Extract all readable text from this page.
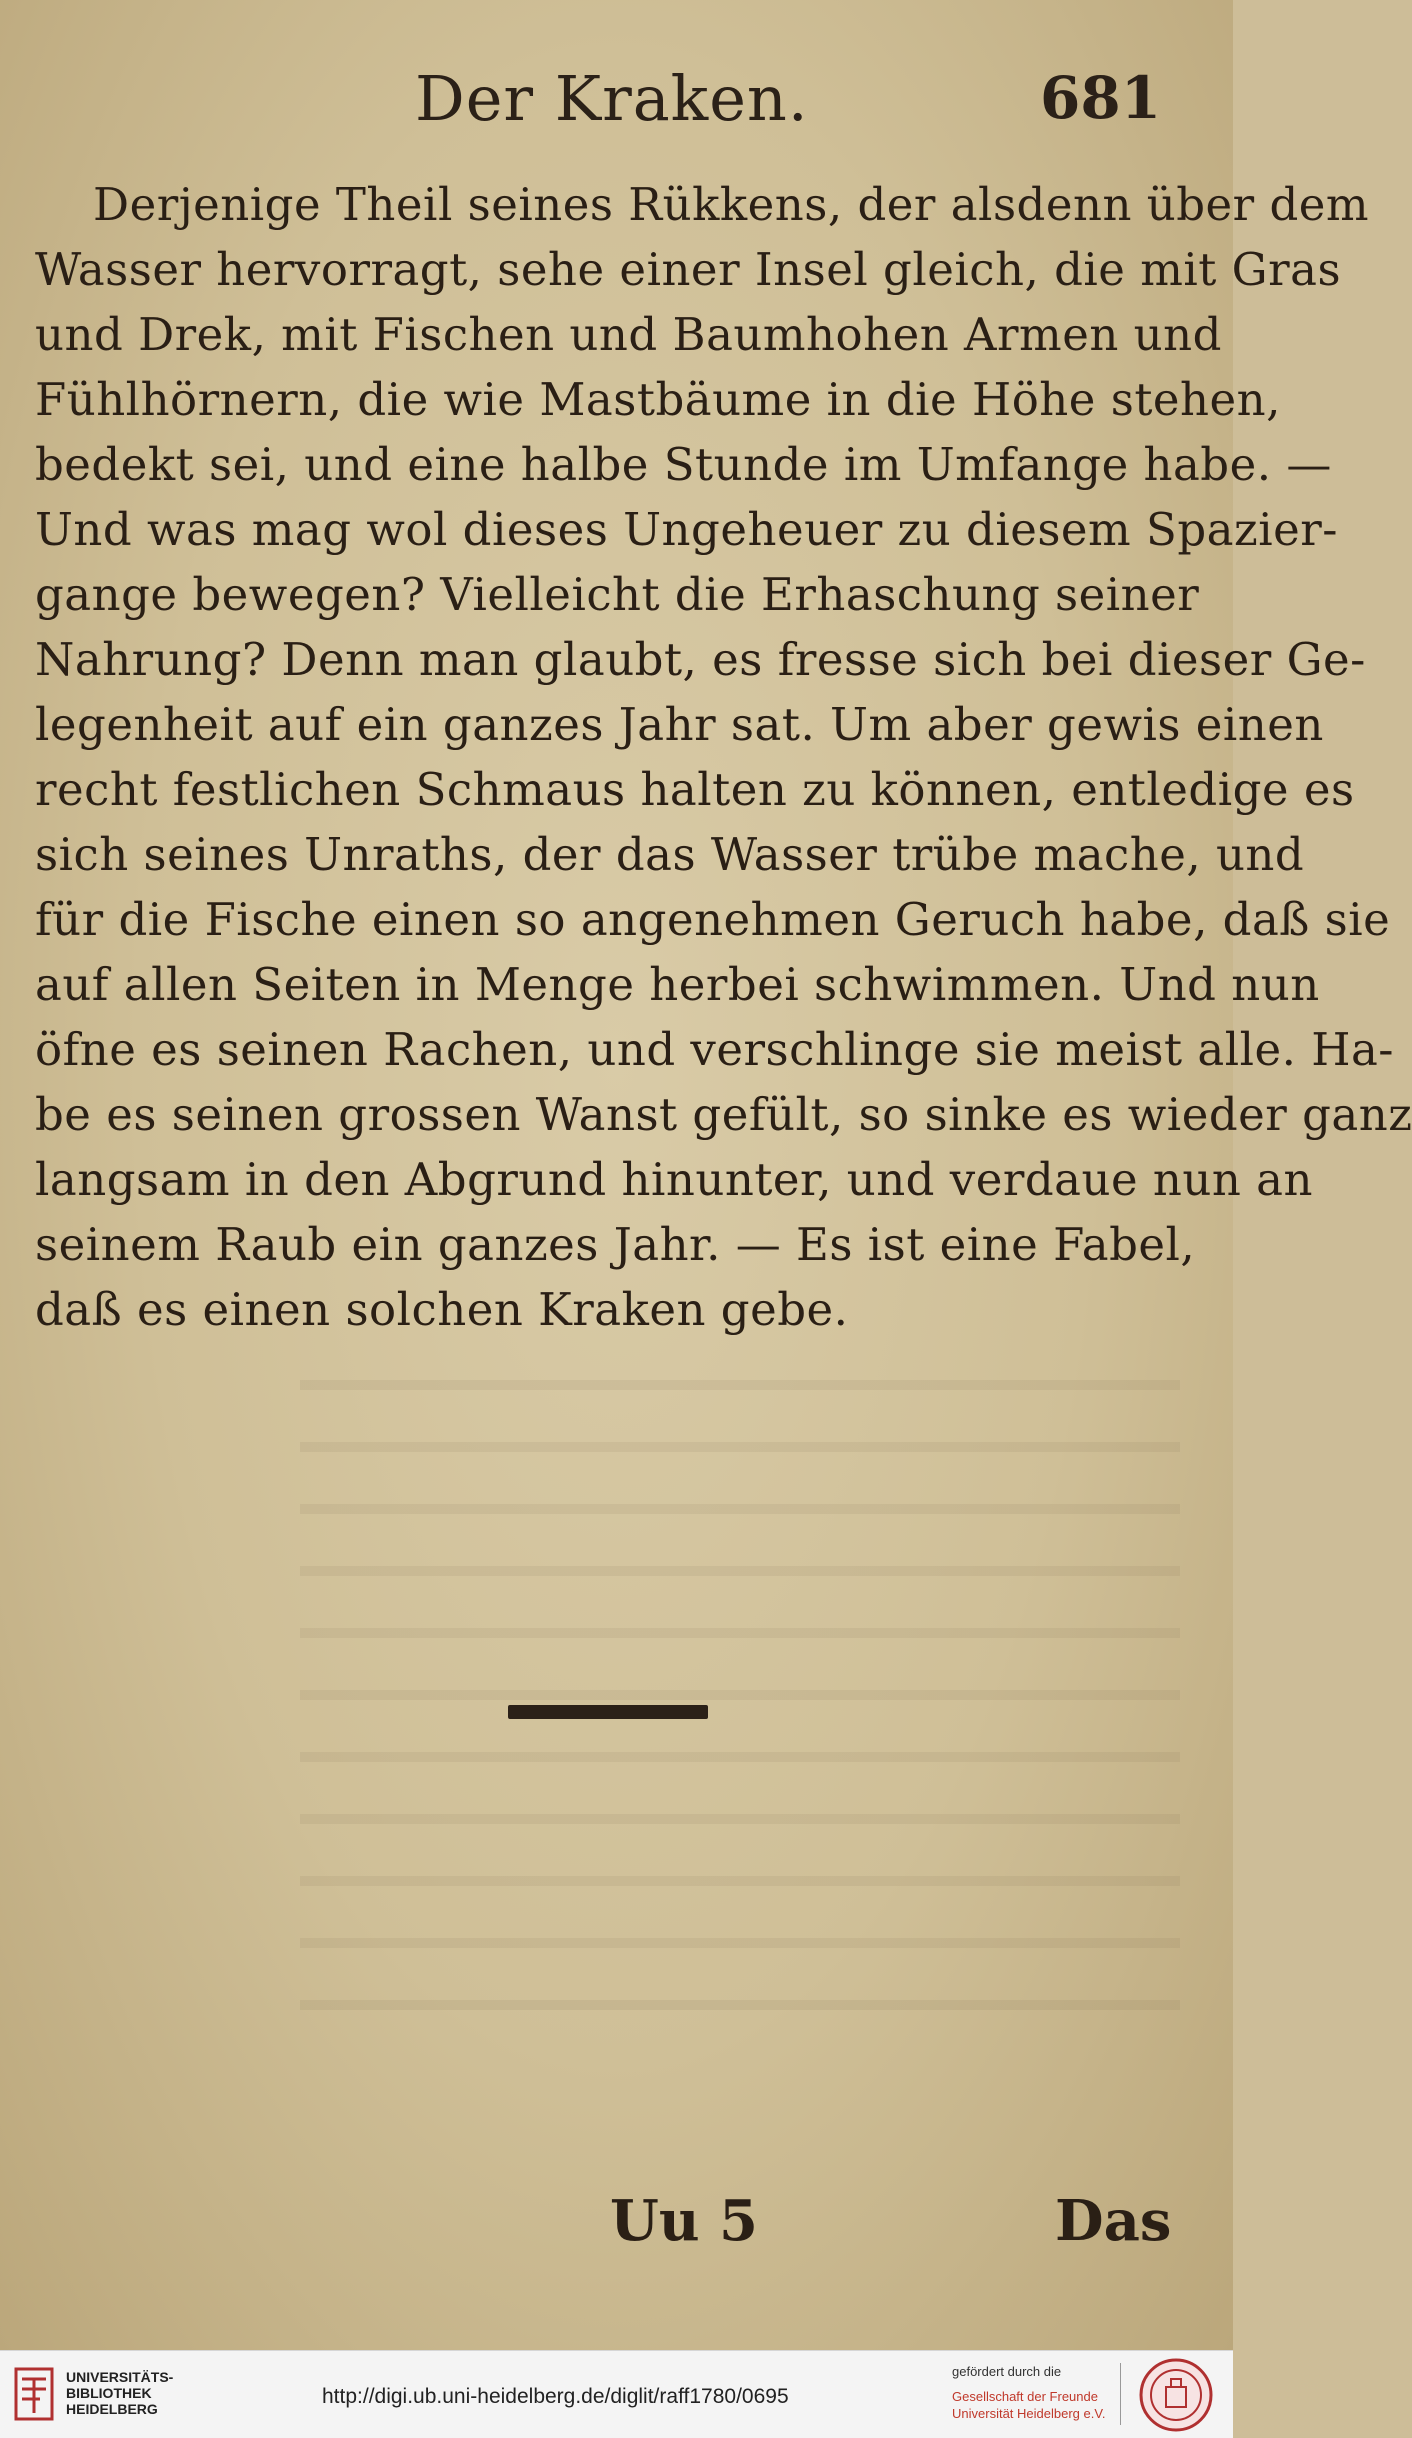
Der Kraken.	681
Derjenige Theil seines Rükkens, der alsdenn über dem
Wasser hervorragt, sehe einer Insel gleich, die mit Gras
und Drek, mit Fischen und Baumhohen Armen und
Fühlhörnern, die wie Mastbäume in die Höhe stehen,
bedekt sei, und eine halbe Stunde im Umfange habe. —
Und was mag wol dieses Ungeheuer zu diesem Spazier-
gange bewegen? Vielleicht die Erhaschung seiner
Nahrung? Denn man glaubt, es fresse sich bei dieser Ge-
legenheit auf ein ganzes Jahr sat. Um aber gewis einen
recht festlichen Schmaus halten zu können, entledige es
sich seines Unraths, der das Wasser trübe mache, und
für die Fische einen so angenehmen Geruch habe, daß sie
auf allen Seiten in Menge herbei schwimmen. Und nun
öfne es seinen Rachen, und verschlinge sie meist alle. Ha-
be es seinen grossen Wanst gefült, so sinke es wieder ganz
langsam in den Abgrund hinunter, und verdaue nun an
seinem Raub ein ganzes Jahr. — Es ist eine Fabel,
daß es einen solchen Kraken gebe.
Uu 5	Das
UNIVERSITÄTS-
BIBLIOTHEK
HEIDELBERG
http://digi.ub.uni-heidelberg.de/diglit/raff1780/0695
gefördert durch die
Gesellschaft der Freunde
Universität Heidelberg e.V.
